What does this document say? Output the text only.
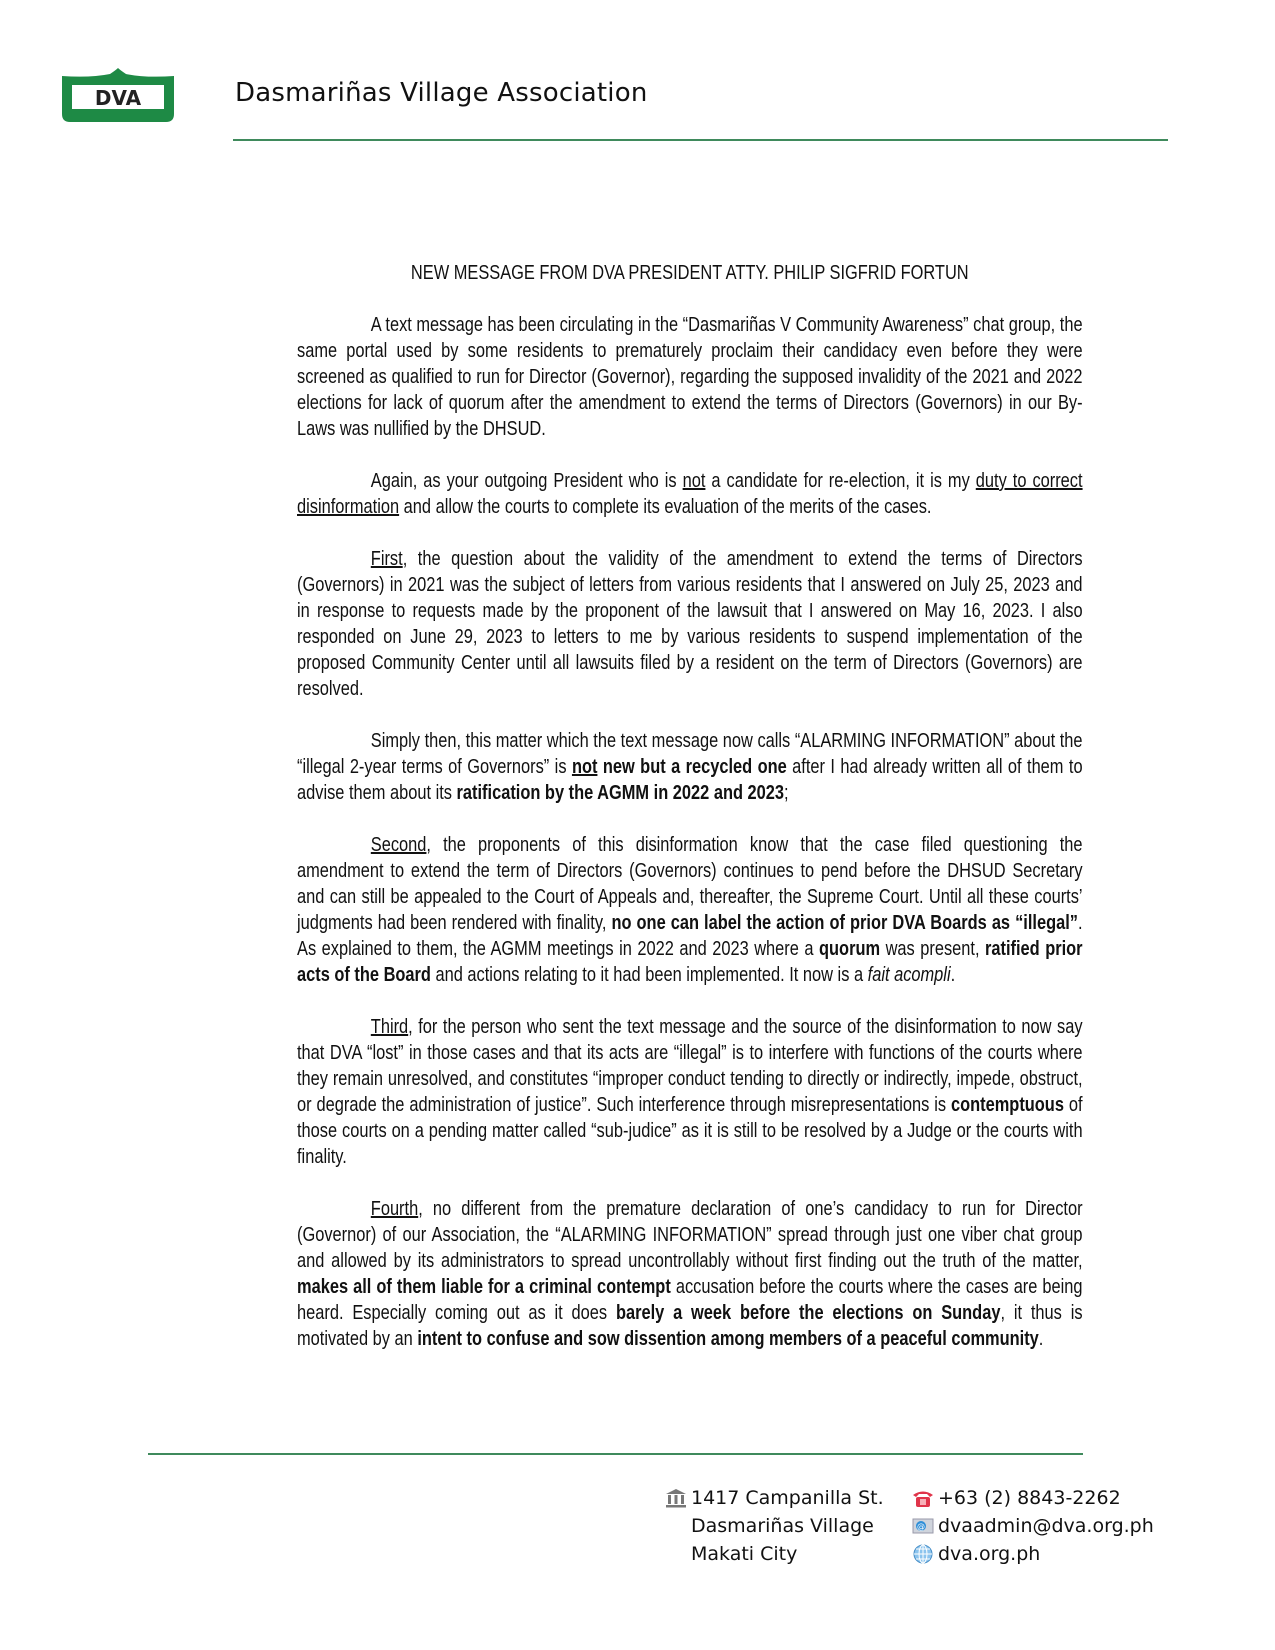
DVA	Dasmariñas Village Association
NEW MESSAGE FROM DVA PRESIDENT ATTY. PHILIP SIGFRID FORTUN

A text message has been circulating in the “Dasmariñas V Community Awareness” chat group, the same portal used by some residents to prematurely proclaim their candidacy even before they were screened as qualified to run for Director (Governor), regarding the supposed invalidity of the 2021 and 2022 elections for lack of quorum after the amendment to extend the terms of Directors (Governors) in our By-Laws was nullified by the DHSUD.

Again, as your outgoing President who is not a candidate for re-election, it is my duty to correct disinformation and allow the courts to complete its evaluation of the merits of the cases.

First, the question about the validity of the amendment to extend the terms of Directors (Governors) in 2021 was the subject of letters from various residents that I answered on July 25, 2023 and in response to requests made by the proponent of the lawsuit that I answered on May 16, 2023. I also responded on June 29, 2023 to letters to me by various residents to suspend implementation of the proposed Community Center until all lawsuits filed by a resident on the term of Directors (Governors) are resolved.

Simply then, this matter which the text message now calls “ALARMING INFORMATION” about the “illegal 2-year terms of Governors” is not new but a recycled one after I had already written all of them to advise them about its ratification by the AGMM in 2022 and 2023;

Second, the proponents of this disinformation know that the case filed questioning the amendment to extend the term of Directors (Governors) continues to pend before the DHSUD Secretary and can still be appealed to the Court of Appeals and, thereafter, the Supreme Court. Until all these courts’ judgments had been rendered with finality, no one can label the action of prior DVA Boards as “illegal”. As explained to them, the AGMM meetings in 2022 and 2023 where a quorum was present, ratified prior acts of the Board and actions relating to it had been implemented. It now is a fait acompli.

Third, for the person who sent the text message and the source of the disinformation to now say that DVA “lost” in those cases and that its acts are “illegal” is to interfere with functions of the courts where they remain unresolved, and constitutes “improper conduct tending to directly or indirectly, impede, obstruct, or degrade the administration of justice”. Such interference through misrepresentations is contemptuous of those courts on a pending matter called “sub-judice” as it is still to be resolved by a Judge or the courts with finality.

Fourth, no different from the premature declaration of one’s candidacy to run for Director (Governor) of our Association, the “ALARMING INFORMATION” spread through just one viber chat group and allowed by its administrators to spread uncontrollably without first finding out the truth of the matter, makes all of them liable for a criminal contempt accusation before the courts where the cases are being heard. Especially coming out as it does barely a week before the elections on Sunday, it thus is motivated by an intent to confuse and sow dissention among members of a peaceful community.

1417 Campanilla St.
Dasmariñas Village
Makati City
+63 (2) 8843-2262
@ dvaadmin@dva.org.ph
dva.org.ph
